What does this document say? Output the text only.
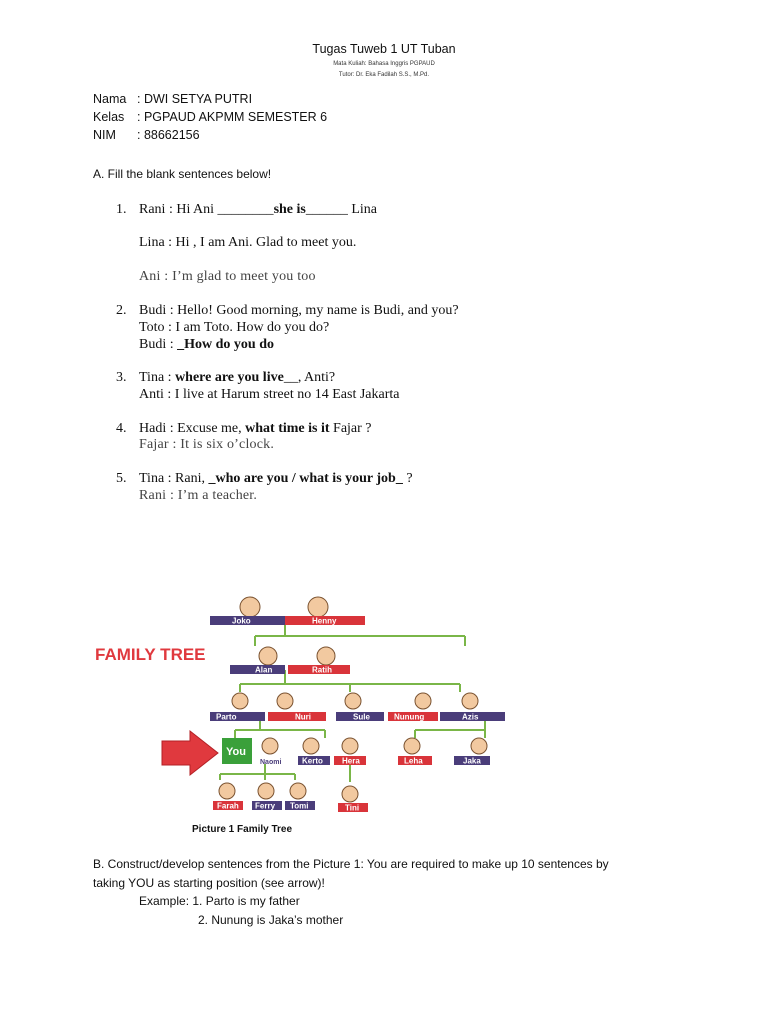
Tugas Tuweb 1 UT Tuban
Mata Kuliah: Bahasa Inggris PGPAUD
Tutor: Dr. Eka Fadilah S.S., M.Pd.
Nama : DWI SETYA PUTRI
Kelas : PGPAUD AKPMM SEMESTER 6
NIM : 88662156
A. Fill the blank sentences below!
1. Rani : Hi Ani ________she is______ Lina
Lina : Hi , I am Ani. Glad to meet you.
Ani : I’m glad to meet you too
2. Budi : Hello! Good morning, my name is Budi, and you?
Toto : I am Toto. How do you do?
Budi : _How do you do
3. Tina : where are you live__, Anti?
Anti : I live at Harum street no 14 East Jakarta
4. Hadi : Excuse me, what time is it Fajar ?
Fajar : It is six o’clock.
5. Tina : Rani, _who are you / what is your job_ ?
Rani : I’m a teacher.
FAMILY TREE
Joko	Henny
Alan	Ratih
Parto	Nuri	Sule	Nunung	Azis
You
Naomi	Kerto Hera	Leha	Jaka
Farah Ferry Tomi	Tini
Picture 1 Family Tree
B. Construct/develop sentences from the Picture 1: You are required to make up 10 sentences by
taking YOU as starting position (see arrow)!
Example: 1. Parto is my father
2. Nunung is Jaka’s mother
